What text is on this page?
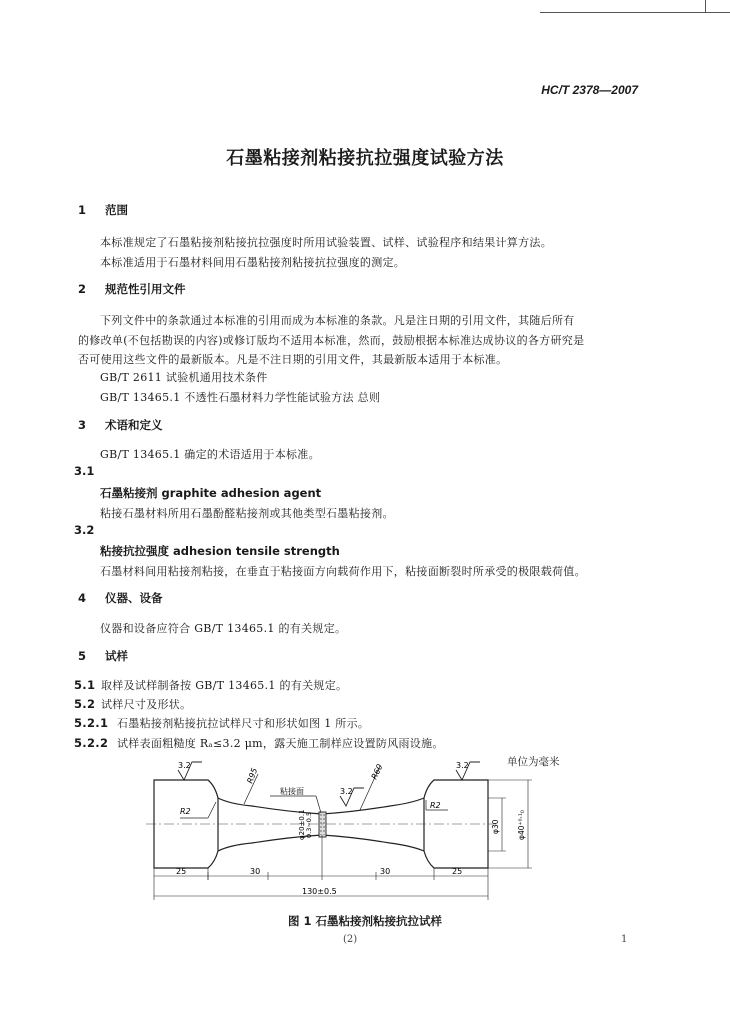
HC/T 2378—2007
石墨粘接剂粘接抗拉强度试验方法
1 范围
本标准规定了石墨粘接剂粘接抗拉强度时所用试验装置、试样、试验程序和结果计算方法。
本标准适用于石墨材料间用石墨粘接剂粘接抗拉强度的测定。
2 规范性引用文件
下列文件中的条款通过本标准的引用而成为本标准的条款。凡是注日期的引用文件，其随后所有
的修改单(不包括勘误的内容)或修订版均不适用本标准，然而，鼓励根据本标准达成协议的各方研究是
否可使用这些文件的最新版本。凡是不注日期的引用文件，其最新版本适用于本标准。
GB/T 2611 试验机通用技术条件
GB/T 13465.1 不透性石墨材料力学性能试验方法 总则
3 术语和定义
GB/T 13465.1 确定的术语适用于本标准。
3.1
石墨粘接剂 graphite adhesion agent
粘接石墨材料所用石墨酚醛粘接剂或其他类型石墨粘接剂。
3.2
粘接抗拉强度 adhesion tensile strength
石墨材料间用粘接剂粘接，在垂直于粘接面方向载荷作用下，粘接面断裂时所承受的极限载荷值。
4 仪器、设备
仪器和设备应符合 GB/T 13465.1 的有关规定。
5 试样
5.1 取样及试样制备按 GB/T 13465.1 的有关规定。
5.2 试样尺寸及形状。
5.2.1 石墨粘接剂粘接抗拉试样尺寸和形状如图 1 所示。
5.2.2 试样表面粗糙度 Rₐ≤3.2 μm，露天施工制样应设置防风雨设施。
单位为毫米
3.2
3.2
3.2
R95	R60
粘接面
R2
R2
0.3~0.5
φ20±0.1	φ30 φ40⁺⁰·¹₀
25	30	30	25
130±0.5
图 1 石墨粘接剂粘接抗拉试样
(2)	1
